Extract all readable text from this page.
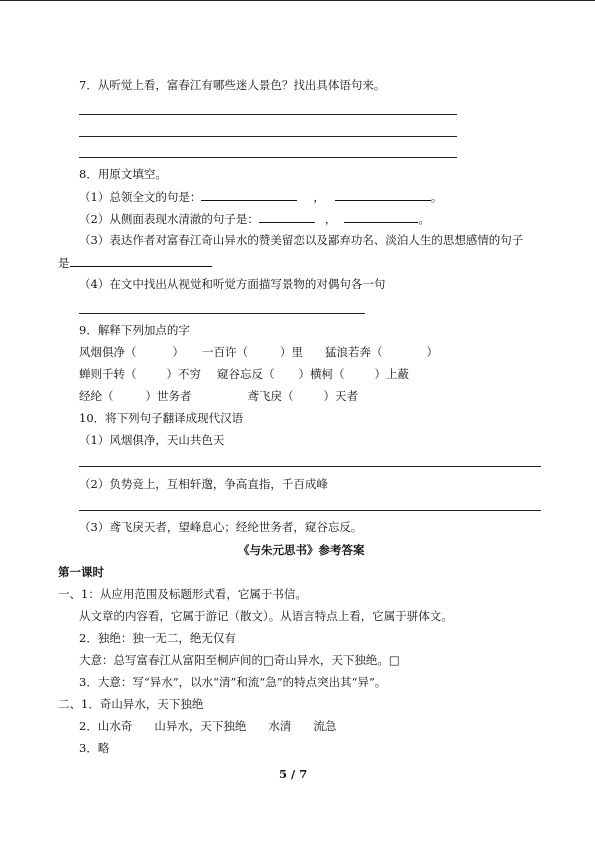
7．从听觉上看，富春江有哪些迷人景色？找出具体语句来。
8．用原文填空。
（1）总领全文的句是：	，	。
（2）从侧面表现水清澈的句子是：	，	。
（3）表达作者对富春江奇山异水的赞美留恋以及鄙弃功名、淡泊人生的思想感情的句子
是
（4）在文中找出从视觉和听觉方面描写景物的对偶句各一句
9．解释下列加点的字
风烟俱净（	） 一百许（	）里 猛浪若奔（	）
蝉则千转（	）不穷 窥谷忘反（ ）横柯（	）上蔽
经纶（	）世务者	鸢飞戾（	）天者
10．将下列句子翻译成现代汉语
（1）风烟俱净，天山共色天
（2）负势竞上，互相轩邈，争高直指，千百成峰
（3）鸢飞戾天者，望峰息心；经纶世务者，窥谷忘反。
《与朱元思书》参考答案
第一课时
一、1：从应用范围及标题形式看，它属于书信。
从文章的内容看，它属于游记（散文）。从语言特点上看，它属于骈体文。
2．独绝：独一无二，绝无仅有
大意：总写富春江从富阳至桐庐间的□奇山异水，天下独绝。□
3．大意：写“异水”，以水“清”和流“急”的特点突出其“异”。
二、1．奇山异水，天下独绝
2．山水奇 山异水，天下独绝 水清 流急
3．略
5 / 7
